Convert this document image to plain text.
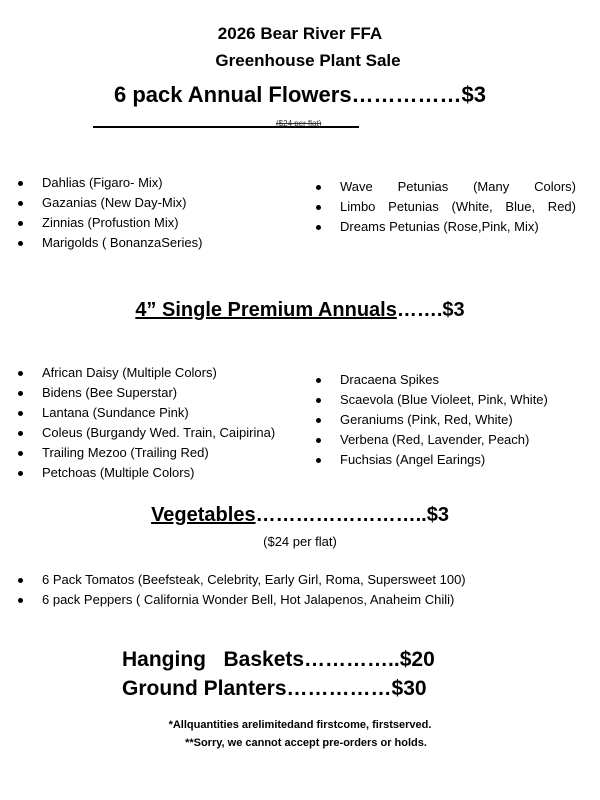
2026 Bear River FFA
Greenhouse Plant Sale
6 pack Annual Flowers……………$3
($24 per flat)
Dahlias (Figaro- Mix)
Gazanias (New Day-Mix)
Zinnias (Profustion Mix)
Marigolds ( BonanzaSeries)
Wave Petunias (Many Colors)
Limbo Petunias (White, Blue, Red)
Dreams Petunias (Rose,Pink, Mix)
4” Single Premium Annuals…….$3
African Daisy (Multiple Colors)
Bidens (Bee Superstar)
Lantana (Sundance Pink)
Coleus (Burgandy Wed. Train, Caipirina)
Trailing Mezoo (Trailing Red)
Petchoas (Multiple Colors)
Dracaena Spikes
Scaevola (Blue Violeet, Pink, White)
Geraniums (Pink, Red, White)
Verbena (Red, Lavender, Peach)
Fuchsias (Angel Earings)
Vegetables……………………..$3
($24 per flat)
6 Pack Tomatos (Beefsteak, Celebrity, Early Girl, Roma, Supersweet 100)
6 pack Peppers ( California Wonder Bell, Hot Jalapenos, Anaheim Chili)
Hanging   Baskets…………..$20
Ground Planters……………$30
*Allquantities arelimitedand firstcome, firstserved.
**Sorry, we cannot accept pre-orders or holds.
